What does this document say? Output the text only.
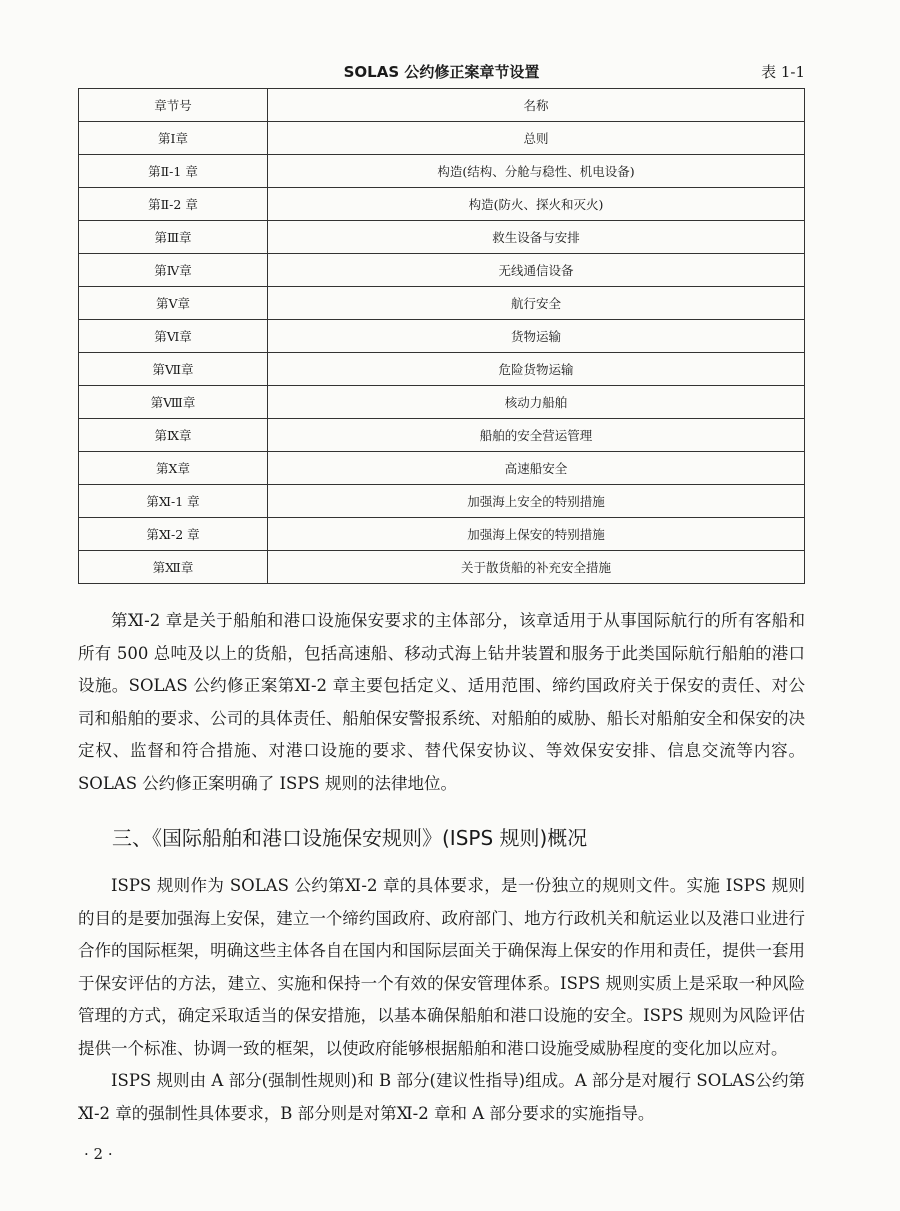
SOLAS 公约修正案章节设置	表 1-1
章节号	名称
第Ⅰ章	总则
第Ⅱ-1 章	构造(结构、分舱与稳性、机电设备)
第Ⅱ-2 章	构造(防火、探火和灭火)
第Ⅲ章	救生设备与安排
第Ⅳ章	无线通信设备
第Ⅴ章	航行安全
第Ⅵ章	货物运输
第Ⅶ章	危险货物运输
第Ⅷ章	核动力船舶
第Ⅸ章	船舶的安全营运管理
第Ⅹ章	高速船安全
第Ⅺ-1 章	加强海上安全的特别措施
第Ⅺ-2 章	加强海上保安的特别措施
第Ⅻ章	关于散货船的补充安全措施

第Ⅺ-2 章是关于船舶和港口设施保安要求的主体部分，该章适用于从事国际航行的所有客船和所有 500 总吨及以上的货船，包括高速船、移动式海上钻井装置和服务于此类国际航行船舶的港口设施。SOLAS 公约修正案第Ⅺ-2 章主要包括定义、适用范围、缔约国政府关于保安的责任、对公司和船舶的要求、公司的具体责任、船舶保安警报系统、对船舶的威胁、船长对船舶安全和保安的决定权、监督和符合措施、对港口设施的要求、替代保安协议、等效保安安排、信息交流等内容。SOLAS 公约修正案明确了 ISPS 规则的法律地位。

三、《国际船舶和港口设施保安规则》(ISPS 规则)概况

ISPS 规则作为 SOLAS 公约第Ⅺ-2 章的具体要求，是一份独立的规则文件。实施 ISPS 规则的目的是要加强海上安保，建立一个缔约国政府、政府部门、地方行政机关和航运业以及港口业进行合作的国际框架，明确这些主体各自在国内和国际层面关于确保海上保安的作用和责任，提供一套用于保安评估的方法，建立、实施和保持一个有效的保安管理体系。ISPS 规则实质上是采取一种风险管理的方式，确定采取适当的保安措施，以基本确保船舶和港口设施的安全。ISPS 规则为风险评估提供一个标准、协调一致的框架，以使政府能够根据船舶和港口设施受威胁程度的变化加以应对。

ISPS 规则由 A 部分(强制性规则)和 B 部分(建议性指导)组成。A 部分是对履行 SOLAS公约第Ⅺ-2 章的强制性具体要求，B 部分则是对第Ⅺ-2 章和 A 部分要求的实施指导。

· 2 ·
